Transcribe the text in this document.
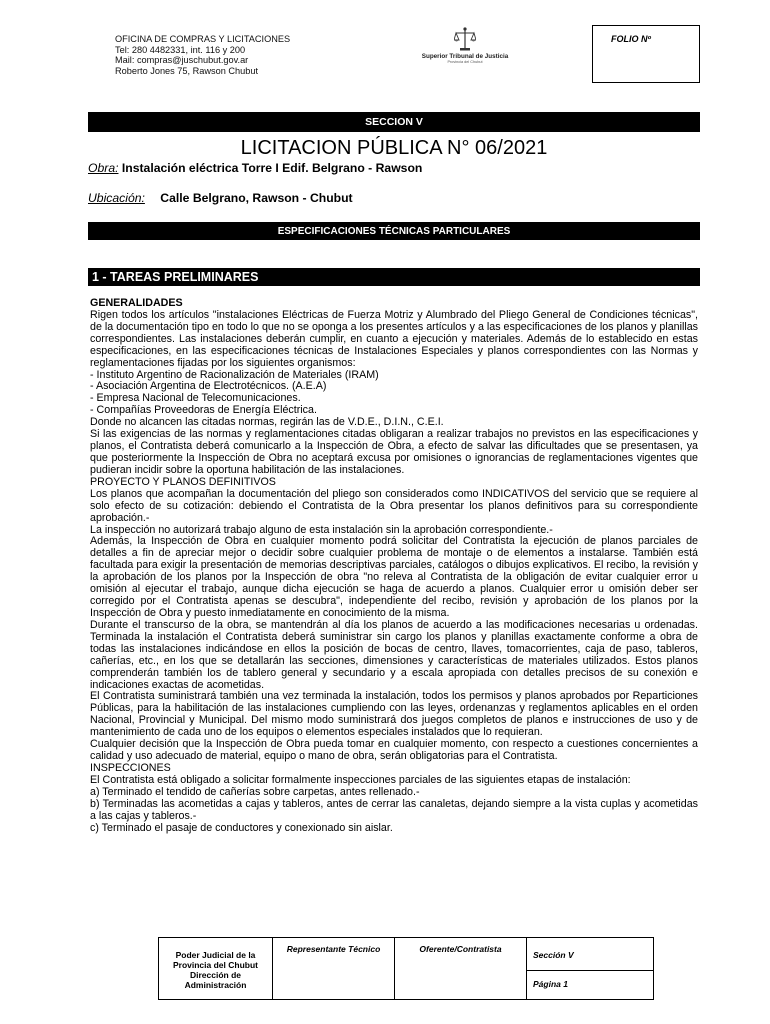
OFICINA DE COMPRAS Y LICITACIONES
Tel: 280 4482331, int. 116 y 200
Mail: compras@juschubut.gov.ar
Roberto Jones 75, Rawson Chubut
Superior Tribunal de Justicia
Provincia del Chubut
FOLIO Nº
SECCION V
LICITACION PÚBLICA N° 06/2021
Obra: Instalación eléctrica Torre I Edif. Belgrano - Rawson
Ubicación: Calle Belgrano, Rawson - Chubut
ESPECIFICACIONES TÉCNICAS PARTICULARES
1 - TAREAS PRELIMINARES

GENERALIDADES

Rigen todos los artículos "instalaciones Eléctricas de Fuerza Motriz y Alumbrado del Pliego General de Condiciones técnicas", de la documentación tipo en todo lo que no se oponga a los presentes artículos y a las especificaciones de los planos y planillas correspondientes. Las instalaciones deberán cumplir, en cuanto a ejecución y materiales. Además de lo establecido en estas especificaciones, en las especificaciones técnicas de Instalaciones Especiales y planos correspondientes con las Normas y reglamentaciones fijadas por los siguientes organismos:

- Instituto Argentino de Racionalización de Materiales (IRAM)

- Asociación Argentina de Electrotécnicos. (A.E.A)

- Empresa Nacional de Telecomunicaciones.

- Compañías Proveedoras de Energía Eléctrica.

Donde no alcancen las citadas normas, regirán las de V.D.E., D.I.N., C.E.I.

Si las exigencias de las normas y reglamentaciones citadas obligaran a realizar trabajos no previstos en las especificaciones y planos, el Contratista deberá comunicarlo a la Inspección de Obra, a efecto de salvar las dificultades que se presentasen, ya que posteriormente la Inspección de Obra no aceptará excusa por omisiones o ignorancias de reglamentaciones vigentes que pudieran incidir sobre la oportuna habilitación de las instalaciones.

PROYECTO Y PLANOS DEFINITIVOS

Los planos que acompañan la documentación del pliego son considerados como INDICATIVOS del servicio que se requiere al solo efecto de su cotización: debiendo el Contratista de la Obra presentar los planos definitivos para su correspondiente aprobación.-

La inspección no autorizará trabajo alguno de esta instalación sin la aprobación correspondiente.-

Además, la Inspección de Obra en cualquier momento podrá solicitar del Contratista la ejecución de planos parciales de detalles a fin de apreciar mejor o decidir sobre cualquier problema de montaje o de elementos a instalarse. También está facultada para exigir la presentación de memorias descriptivas parciales, catálogos o dibujos explicativos. El recibo, la revisión y la aprobación de los planos por la Inspección de obra "no releva al Contratista de la obligación de evitar cualquier error u omisión al ejecutar el trabajo, aunque dicha ejecución se haga de acuerdo a planos. Cualquier error u omisión deber ser corregido por el Contratista apenas se descubra", independiente del recibo, revisión y aprobación de los planos por la Inspección de Obra y puesto inmediatamente en conocimiento de la misma.

Durante el transcurso de la obra, se mantendrán al día los planos de acuerdo a las modificaciones necesarias u ordenadas. Terminada la instalación el Contratista deberá suministrar sin cargo los planos y planillas exactamente conforme a obra de todas las instalaciones indicándose en ellos la posición de bocas de centro, llaves, tomacorrientes, caja de paso, tableros, cañerías, etc., en los que se detallarán las secciones, dimensiones y características de materiales utilizados. Estos planos comprenderán también los de tablero general y secundario y a escala apropiada con detalles precisos de su conexión e indicaciones exactas de acometidas.

El Contratista suministrará también una vez terminada la instalación, todos los permisos y planos aprobados por Reparticiones Públicas, para la habilitación de las instalaciones cumpliendo con las leyes, ordenanzas y reglamentos aplicables en el orden Nacional, Provincial y Municipal. Del mismo modo suministrará dos juegos completos de planos e instrucciones de uso y de mantenimiento de cada uno de los equipos o elementos especiales instalados que lo requieran.

Cualquier decisión que la Inspección de Obra pueda tomar en cualquier momento, con respecto a cuestiones concernientes a calidad y uso adecuado de material, equipo o mano de obra, serán obligatorias para el Contratista.

INSPECCIONES

El Contratista está obligado a solicitar formalmente inspecciones parciales de las siguientes etapas de instalación:

a) Terminado el tendido de cañerías sobre carpetas, antes rellenado.-

b) Terminadas las acometidas a cajas y tableros, antes de cerrar las canaletas, dejando siempre a la vista cuplas y acometidas a las cajas y tableros.-

c) Terminado el pasaje de conductores y conexionado sin aislar.

Poder Judicial de la
Provincia del Chubut
Dirección de
Administración
Representante Técnico	Oferente/Contratista
Sección V
Página 1
